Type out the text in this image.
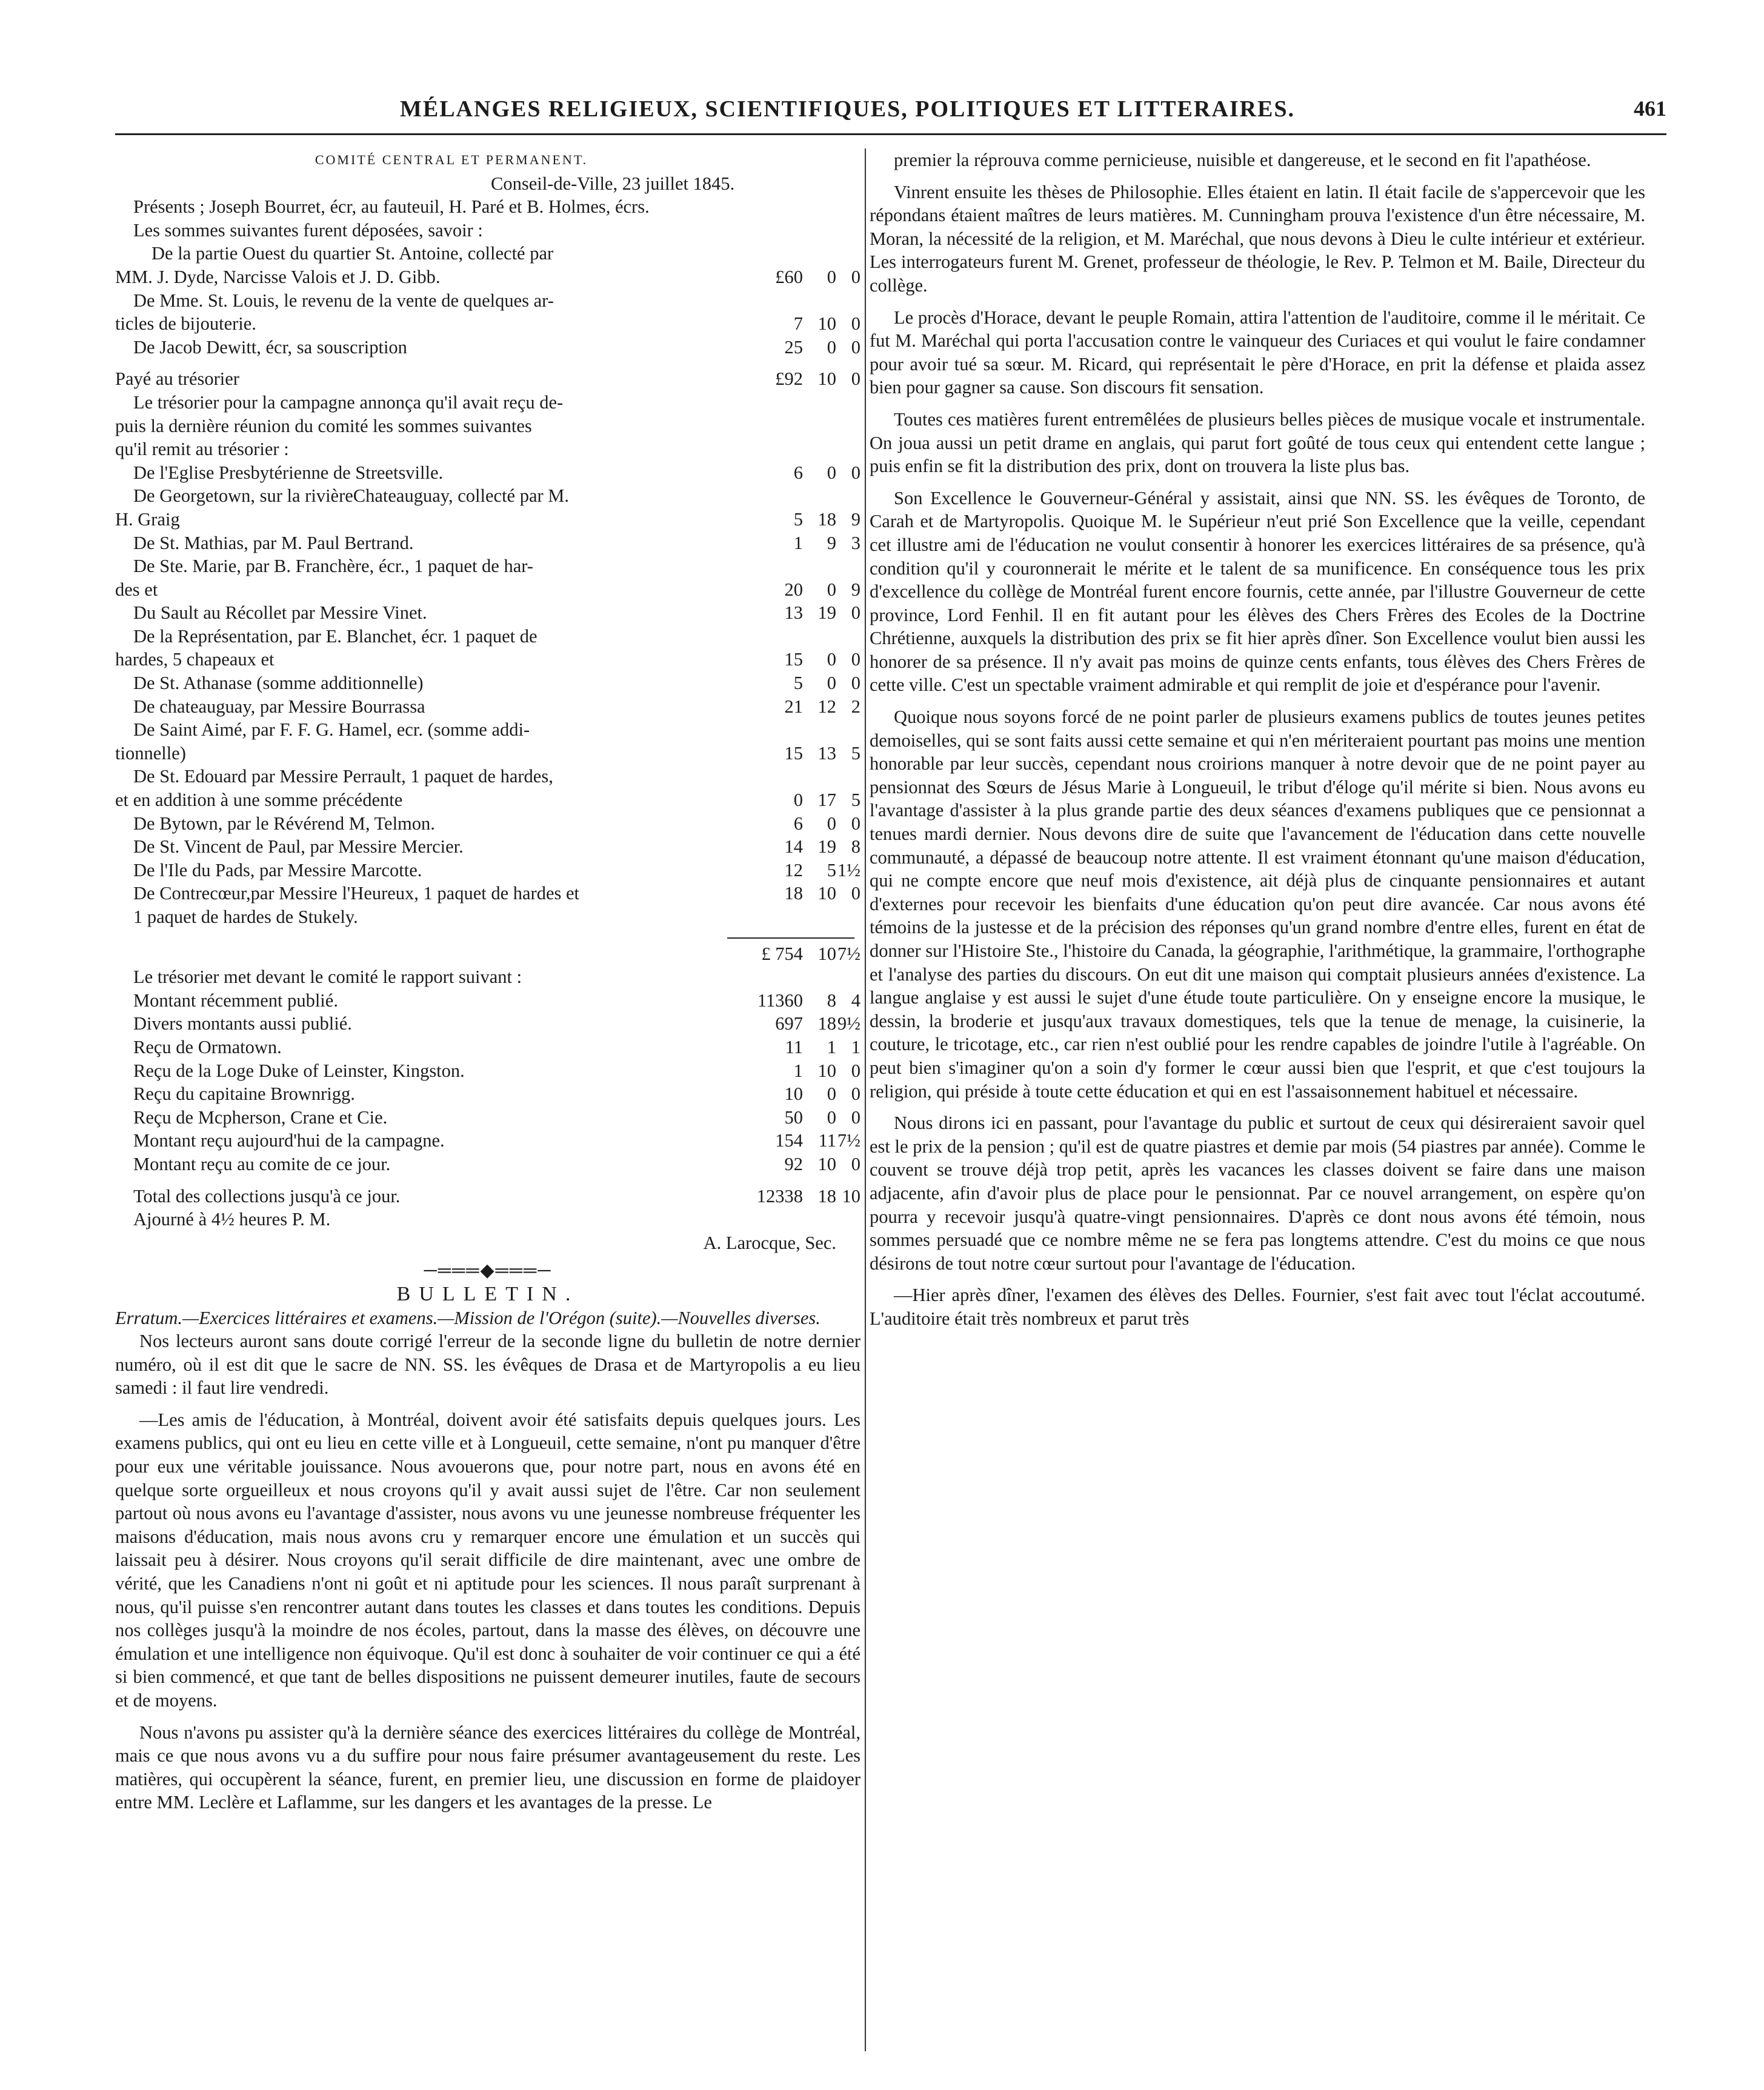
MÉLANGES RELIGIEUX, SCIENTIFIQUES, POLITIQUES ET LITTERAIRES.	461
COMITÉ CENTRAL ET PERMANENT.
Conseil-de-Ville, 23 juillet 1845.
Présents ; Joseph Bourret, écr, au fauteuil, H. Paré et B. Holmes, écrs.
Les sommes suivantes furent déposées, savoir :
De la partie Ouest du quartier St. Antoine, collecté par
MM. J. Dyde, Narcisse Valois et J. D. Gibb.	£60	0 0
De Mme. St. Louis, le revenu de la vente de quelques ar-
ticles de bijouterie.	7 10 0
De Jacob Dewitt, écr, sa souscription	25	0 0
Payé au trésorier	£92 10 0
Le trésorier pour la campagne annonça qu'il avait reçu de-
puis la dernière réunion du comité les sommes suivantes
qu'il remit au trésorier :
De l'Eglise Presbytérienne de Streetsville.	6	0 0
De Georgetown, sur la rivièreChateauguay, collecté par M.
H. Graig	5 18 9
De St. Mathias, par M. Paul Bertrand.	1	9 3
De Ste. Marie, par B. Franchère, écr., 1 paquet de har-
des et	20	0 9
Du Sault au Récollet par Messire Vinet.	13 19 0
De la Représentation, par E. Blanchet, écr. 1 paquet de
hardes, 5 chapeaux et	15	0 0
De St. Athanase (somme additionnelle)	5	0 0
De chateauguay, par Messire Bourrassa	21 12 2
De Saint Aimé, par F. F. G. Hamel, ecr. (somme addi-
tionnelle)	15 13 5
De St. Edouard par Messire Perrault, 1 paquet de hardes,
et en addition à une somme précédente	0 17 5
De Bytown, par le Révérend M, Telmon.	6	0 0
De St. Vincent de Paul, par Messire Mercier.	14 19 8
De l'Ile du Pads, par Messire Marcotte.	12	5 1½
De Contrecœur,par Messire l'Heureux, 1 paquet de hardes et	18 10 0
1 paquet de hardes de Stukely.
£ 754 10 7½
Le trésorier met devant le comité le rapport suivant :
Montant récemment publié.	11360	8 4
Divers montants aussi publié.	697 18 9½
Reçu de Ormatown.	11	1 1
Reçu de la Loge Duke of Leinster, Kingston.	1 10 0
Reçu du capitaine Brownrigg.	10	0 0
Reçu de Mcpherson, Crane et Cie.	50	0 0
Montant reçu aujourd'hui de la campagne.	154 11 7½
Montant reçu au comite de ce jour.	92 10 0
Total des collections jusqu'à ce jour.	12338 18 10
Ajourné à 4½ heures P. M.
A. Larocque, Sec.
─═══◆═══─
BULLETIN.
Erratum.—Exercices littéraires et examens.—Mission de l'Orégon (suite).—Nouvelles diverses.

Nos lecteurs auront sans doute corrigé l'erreur de la seconde ligne du bulletin de notre dernier numéro, où il est dit que le sacre de NN. SS. les évêques de Drasa et de Martyropolis a eu lieu samedi : il faut lire vendredi.

—Les amis de l'éducation, à Montréal, doivent avoir été satisfaits depuis quelques jours. Les examens publics, qui ont eu lieu en cette ville et à Longueuil, cette semaine, n'ont pu manquer d'être pour eux une véritable jouissance. Nous avouerons que, pour notre part, nous en avons été en quelque sorte orgueilleux et nous croyons qu'il y avait aussi sujet de l'être. Car non seulement partout où nous avons eu l'avantage d'assister, nous avons vu une jeunesse nombreuse fréquenter les maisons d'éducation, mais nous avons cru y remarquer encore une émulation et un succès qui laissait peu à désirer. Nous croyons qu'il serait difficile de dire maintenant, avec une ombre de vérité, que les Canadiens n'ont ni goût et ni aptitude pour les sciences. Il nous paraît surprenant à nous, qu'il puisse s'en rencontrer autant dans toutes les classes et dans toutes les conditions. Depuis nos collèges jusqu'à la moindre de nos écoles, partout, dans la masse des élèves, on découvre une émulation et une intelligence non équivoque. Qu'il est donc à souhaiter de voir continuer ce qui a été si bien commencé, et que tant de belles dispositions ne puissent demeurer inutiles, faute de secours et de moyens.

Nous n'avons pu assister qu'à la dernière séance des exercices littéraires du collège de Montréal, mais ce que nous avons vu a du suffire pour nous faire présumer avantageusement du reste. Les matières, qui occupèrent la séance, furent, en premier lieu, une discussion en forme de plaidoyer entre MM. Leclère et Laflamme, sur les dangers et les avantages de la presse. Le

premier la réprouva comme pernicieuse, nuisible et dangereuse, et le second en fit l'apathéose.

Vinrent ensuite les thèses de Philosophie. Elles étaient en latin. Il était facile de s'appercevoir que les répondans étaient maîtres de leurs matières. M. Cunningham prouva l'existence d'un être nécessaire, M. Moran, la nécessité de la religion, et M. Maréchal, que nous devons à Dieu le culte intérieur et extérieur. Les interrogateurs furent M. Grenet, professeur de théologie, le Rev. P. Telmon et M. Baile, Directeur du collège.

Le procès d'Horace, devant le peuple Romain, attira l'attention de l'auditoire, comme il le méritait. Ce fut M. Maréchal qui porta l'accusation contre le vainqueur des Curiaces et qui voulut le faire condamner pour avoir tué sa sœur. M. Ricard, qui représentait le père d'Horace, en prit la défense et plaida assez bien pour gagner sa cause. Son discours fit sensation.

Toutes ces matières furent entremêlées de plusieurs belles pièces de musique vocale et instrumentale. On joua aussi un petit drame en anglais, qui parut fort goûté de tous ceux qui entendent cette langue ; puis enfin se fit la distribution des prix, dont on trouvera la liste plus bas.

Son Excellence le Gouverneur-Général y assistait, ainsi que NN. SS. les évêques de Toronto, de Carah et de Martyropolis. Quoique M. le Supérieur n'eut prié Son Excellence que la veille, cependant cet illustre ami de l'éducation ne voulut consentir à honorer les exercices littéraires de sa présence, qu'à condition qu'il y couronnerait le mérite et le talent de sa munificence. En conséquence tous les prix d'excellence du collège de Montréal furent encore fournis, cette année, par l'illustre Gouverneur de cette province, Lord Fenhil. Il en fit autant pour les élèves des Chers Frères des Ecoles de la Doctrine Chrétienne, auxquels la distribution des prix se fit hier après dîner. Son Excellence voulut bien aussi les honorer de sa présence. Il n'y avait pas moins de quinze cents enfants, tous élèves des Chers Frères de cette ville. C'est un spectable vraiment admirable et qui remplit de joie et d'espérance pour l'avenir.

Quoique nous soyons forcé de ne point parler de plusieurs examens publics de toutes jeunes petites demoiselles, qui se sont faits aussi cette semaine et qui n'en mériteraient pourtant pas moins une mention honorable par leur succès, cependant nous croirions manquer à notre devoir que de ne point payer au pensionnat des Sœurs de Jésus Marie à Longueuil, le tribut d'éloge qu'il mérite si bien. Nous avons eu l'avantage d'assister à la plus grande partie des deux séances d'examens publiques que ce pensionnat a tenues mardi dernier. Nous devons dire de suite que l'avancement de l'éducation dans cette nouvelle communauté, a dépassé de beaucoup notre attente. Il est vraiment étonnant qu'une maison d'éducation, qui ne compte encore que neuf mois d'existence, ait déjà plus de cinquante pensionnaires et autant d'externes pour recevoir les bienfaits d'une éducation qu'on peut dire avancée. Car nous avons été témoins de la justesse et de la précision des réponses qu'un grand nombre d'entre elles, furent en état de donner sur l'Histoire Ste., l'histoire du Canada, la géographie, l'arithmétique, la grammaire, l'orthographe et l'analyse des parties du discours. On eut dit une maison qui comptait plusieurs années d'existence. La langue anglaise y est aussi le sujet d'une étude toute particulière. On y enseigne encore la musique, le dessin, la broderie et jusqu'aux travaux domestiques, tels que la tenue de menage, la cuisinerie, la couture, le tricotage, etc., car rien n'est oublié pour les rendre capables de joindre l'utile à l'agréable. On peut bien s'imaginer qu'on a soin d'y former le cœur aussi bien que l'esprit, et que c'est toujours la religion, qui préside à toute cette éducation et qui en est l'assaisonnement habituel et nécessaire.

Nous dirons ici en passant, pour l'avantage du public et surtout de ceux qui désireraient savoir quel est le prix de la pension ; qu'il est de quatre piastres et demie par mois (54 piastres par année). Comme le couvent se trouve déjà trop petit, après les vacances les classes doivent se faire dans une maison adjacente, afin d'avoir plus de place pour le pensionnat. Par ce nouvel arrangement, on espère qu'on pourra y recevoir jusqu'à quatre-vingt pensionnaires. D'après ce dont nous avons été témoin, nous sommes persuadé que ce nombre même ne se fera pas longtems attendre. C'est du moins ce que nous désirons de tout notre cœur surtout pour l'avantage de l'éducation.

—Hier après dîner, l'examen des élèves des Delles. Fournier, s'est fait avec tout l'éclat accoutumé. L'auditoire était très nombreux et parut très
